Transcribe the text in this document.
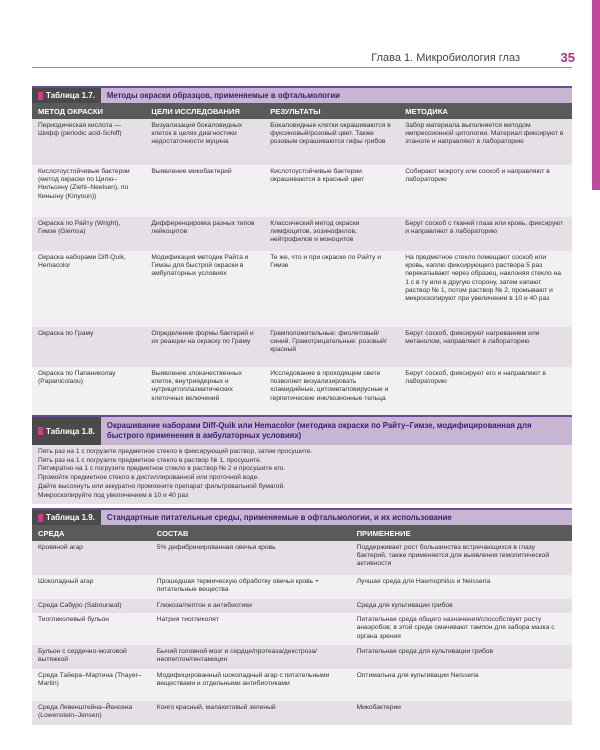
Глава 1. Микробиология глаз	35
Таблица 1.7.	Методы окраски образцов, применяемые в офтальмологии
МЕТОД ОКРАСКИ	ЦЕЛИ ИССЛЕДОВАНИЯ	РЕЗУЛЬТАТЫ	МЕТОДИКА
Периодическая кислота — Шифф (periodic acid-Schiff)	Визуализация бокаловидных клеток в целях диагностики недостаточности муцина	Бокаловидные клетки окрашиваются в фуксиновый/розовый цвет. Также розовым окрашиваются гифы грибов	Забор материала выполняется методом импрессионной цитологии. Материал фиксируют в этаноле и направляют в лабораторию
Кислотоустойчивые бактерии (метод окраски по Цилю–Нильсену (Ziehl–Neelsen), по Киньону (Kinyoun))	Выявление микобактерий	Кислотоустойчивые бактерии окрашиваются в красный цвет	Собирают мокроту или соскоб и направляют в лабораторию
Окраска по Райту (Wright), Гимзе (Giemsa)	Дифференцировка разных типов лейкоцитов	Классический метод окраски лимфоцитов, эозинофилов, нейтрофилов и моноцитов	Берут соскоб с тканей глаза или кровь, фиксируют и направляют в лабораторию
Окраска наборами Diff-Quik, Hemacolor	Модификация методик Райта и Гимзы для быстрой окраски в амбулаторных условиях	Те же, что и при окраске по Райту и Гимзе	На предметное стекло помещают соскоб или кровь, каплю фиксирующего раствора 5 раз перекатывают через образец, наклоняя стекло на 1 с в ту или в другую сторону, затем капают раствор № 1, потом раствор № 2, промывают и микроскопируют при увеличении в 10 и 40 раз
Окраска по Граму	Определение формы бактерий и их реакции на окраску по Граму	Грамположительные: фиолетовый/синий. Грамотрицательные: розовый/красный	Берут соскоб, фиксируют нагреванием или метанолом, направляют в лабораторию
Окраска по Папаниколау (Papanicolaou)	Выявление злокачественных клеток, внутриядерных и нутрицитоплазматических клеточных включений	Исследование в проходящем свете позволяет визуализировать хламидийные, цитомегаловирусные и герпетические инклюзионные тельца	Берут соскоб, фиксируют его и направляют в лабораторию
Таблица 1.8.
Окрашивание наборами Diff-Quik или Hemacolor (методика окраски по Райту–Гимзе, модифицированная для быстрого применения в амбулаторных условиях)
Пять раз на 1 с погрузите предметное стекло в фиксирующий раствор, затем просушите.
Пять раз на 1 с погрузите предметное стекло в раствор № 1, просушите.
Пятикратно на 1 с погрузите предметное стекло в раствор № 2 и просушите его.
Промойте предметное стекло в дистиллированной или проточной воде.
Дайте высохнуть или аккуратно промокните препарат фильтровальной бумагой.
Микроскопируйте под увеличением в 10 и 40 раз
Таблица 1.9.	Стандартные питательные среды, применяемые в офтальмологии, и их использование
СРЕДА	СОСТАВ	ПРИМЕНЕНИЕ
Кровяной агар	5% дефибринированная овечья кровь	Поддерживает рост большинства встречающихся в глазу бактерий, также применяется для выявления гемолитической активности
Шоколадный агар	Прошедшая термическую обработку овечья кровь + питательные вещества	Лучшая среда для Haemophilus и Neisseria
Среда Сабуро (Sabouraud)	Глюкоза/пептон и антибиотики	Среда для культивации грибов
Тиогликолевый бульон	Натрия тиогликолят	Питательная среда общего назначения/способствует росту анаэробов; в этой среде смачивают тампон для забора мазка с органа зрения
Бульон с сердечно-мозговой вытяжкой	Бычий головной мозг и сердце/протеаза/декстроза/неопептон/гентамицин	Питательная среда для культивации грибов
Среда Тайера–Мартина (Thayer–Martin)	Модифицированный шоколадный агар с питательными веществами и отдельными антибиотиками	Оптимальна для культивации Neisseria
Среда Левенштейна–Йенсена (Lowenstein–Jensen)	Конго красный, малахитовый зеленый	Микобактерии
